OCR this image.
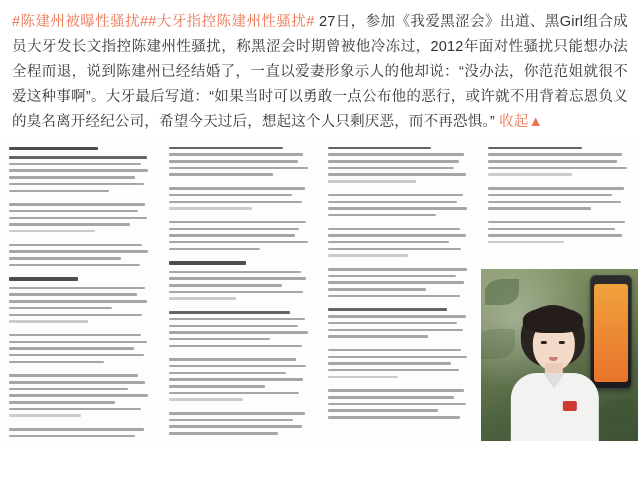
#陈建州被曝性骚扰##大牙指控陈建州性骚扰# 27日，参加《我爱黑涩会》出道、黑Girl组合成员大牙发长文指控陈建州性骚扰，称黑涩会时期曾被他冷冻过，2012年面对性骚扰只能想办法全程而退，说到陈建州已经结婚了，一直以爱妻形象示人的他却说：“没办法，你范范姐就很不爱这种事啊”。大牙最后写道：“如果当时可以勇敢一点公布他的恶行，或许就不用背着忘恩负义的臭名离开经纪公司，希望今天过后，想起这个人只剩厌恶，而不再恐惧。” 收起▲
